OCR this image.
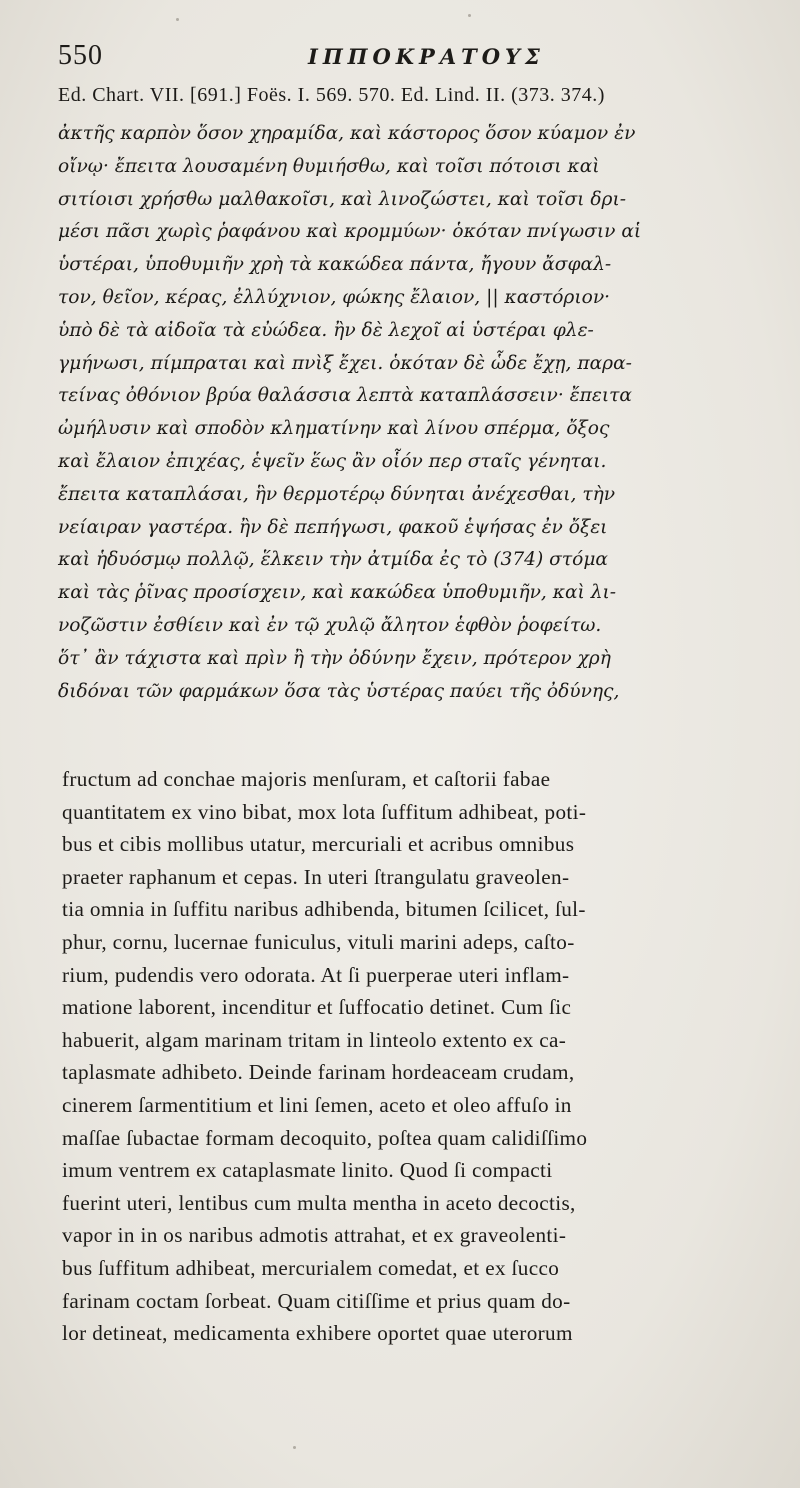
550	ΙΠΠΟΚΡΑΤΟΥΣ
Ed. Chart. VII. [691.] Foës. I. 569. 570. Ed. Lind. II. (373. 374.)
ἀκτῆς καρπὸν ὅσον χηραμίδα, καὶ κάστορος ὅσον κύαμον ἐν
οἴνῳ· ἔπειτα λουσαμένη θυμιήσθω, καὶ τοῖσι πότοισι καὶ
σιτίοισι χρήσθω μαλθακοῖσι, καὶ λινοζώστει, καὶ τοῖσι δρι-
μέσι πᾶσι χωρὶς ῥαφάνου καὶ κρομμύων· ὁκόταν πνίγωσιν αἱ
ὑστέραι, ὑποθυμιῆν χρὴ τὰ κακώδεα πάντα, ἤγουν ἄσφαλ-
τον, θεῖον, κέρας, ἐλλύχνιον, φώκης ἔλαιον, || καστόριον·
ὑπὸ δὲ τὰ αἰδοῖα τὰ εὐώδεα. ἢν δὲ λεχοῖ αἱ ὑστέραι φλε-
γμήνωσι, πίμπραται καὶ πνὶξ ἔχει. ὁκόταν δὲ ὧδε ἔχῃ, παρα-
τείνας ὀθόνιον βρύα θαλάσσια λεπτὰ καταπλάσσειν· ἔπειτα
ὠμήλυσιν καὶ σποδὸν κληματίνην καὶ λίνου σπέρμα, ὄξος
καὶ ἔλαιον ἐπιχέας, ἑψεῖν ἕως ἂν οἷόν περ σταῖς γένηται.
ἔπειτα καταπλάσαι, ἣν θερμοτέρῳ δύνηται ἀνέχεσθαι, τὴν
νείαιραν γαστέρα. ἢν δὲ πεπήγωσι, φακοῦ ἑψήσας ἐν ὄξει
καὶ ἡδυόσμῳ πολλῷ, ἕλκειν τὴν ἀτμίδα ἐς τὸ (374) στόμα
καὶ τὰς ῥῖνας προσίσχειν, καὶ κακώδεα ὑποθυμιῆν, καὶ λι-
νοζῶστιν ἐσθίειν καὶ ἐν τῷ χυλῷ ἄλητον ἑφθὸν ῥοφείτω.
ὅτ᾽ ἂν τάχιστα καὶ πρὶν ἢ τὴν ὀδύνην ἔχειν, πρότερον χρὴ
διδόναι τῶν φαρμάκων ὅσα τὰς ὑστέρας παύει τῆς ὀδύνης,
fructum ad conchae majoris menſuram, et caſtorii fabae
quantitatem ex vino bibat, mox lota ſuffitum adhibeat, poti-
bus et cibis mollibus utatur, mercuriali et acribus omnibus
praeter raphanum et cepas. In uteri ſtrangulatu graveolen-
tia omnia in ſuffitu naribus adhibenda, bitumen ſcilicet, ſul-
phur, cornu, lucernae funiculus, vituli marini adeps, caſto-
rium, pudendis vero odorata. At ſi puerperae uteri inflam-
matione laborent, incenditur et ſuffocatio detinet. Cum ſic
habuerit, algam marinam tritam in linteolo extento ex ca-
taplasmate adhibeto. Deinde farinam hordeaceam crudam,
cinerem ſarmentitium et lini ſemen, aceto et oleo affuſo in
maſſae ſubactae formam decoquito, poſtea quam calidiſſimo
imum ventrem ex cataplasmate linito. Quod ſi compacti
fuerint uteri, lentibus cum multa mentha in aceto decoctis,
vapor in in os naribus admotis attrahat, et ex graveolenti-
bus ſuffitum adhibeat, mercurialem comedat, et ex ſucco
farinam coctam ſorbeat. Quam citiſſime et prius quam do-
lor detineat, medicamenta exhibere oportet quae uterorum
